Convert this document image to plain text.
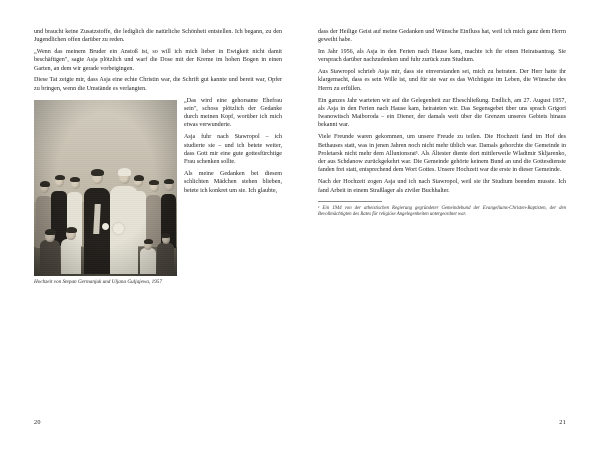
und braucht keine Zusatzstoffe, die lediglich die natürliche Schönheit entstellen. Ich begann, zu den Jugendlichen offen darüber zu reden.

„Wenn das meinem Bruder ein Anstoß ist, so will ich mich lieber in Ewigkeit nicht damit beschäftigen", sagte Asja plötzlich und warf die Dose mit der Kreme im hohen Bogen in einen Garten, an dem wir gerade vorbeigingen.

Diese Tat zeigte mir, dass Asja eine echte Christin war, die Schrift gut kannte und bereit war, Opfer zu bringen, wenn die Umstände es verlangten.

Hochzeit von Stepan Germanjuk und Uljana Guljajewa, 1957

„Das wird eine gehorsame Ehefrau sein", schoss plötzlich der Gedanke durch meinen Kopf, worüber ich mich etwas verwunderte.

Asja fuhr nach Stawropol – ich studierte sie – und ich betete weiter, dass Gott mir eine gute gottesfürchtige Frau schenken sollte.

Als meine Gedanken bei diesem schlichten Mädchen stehen blieben, betete ich konkret um sie. Ich glaubte,

20

dass der Heilige Geist auf meine Gedanken und Wünsche Einfluss hat, weil ich mich ganz dem Herrn geweiht habe.

Im Jahr 1956, als Asja in den Ferien nach Hause kam, machte ich ihr einen Heiratsantrag. Sie versprach darüber nachzudenken und fuhr zurück zum Studium.

Aus Stawropol schrieb Asja mir, dass sie einverstanden sei, mich zu heiraten. Der Herr hatte ihr klargemacht, dass es sein Wille ist, und für sie war es das Wichtigste im Leben, die Wünsche des Herrn zu erfüllen.

Ein ganzes Jahr warteten wir auf die Gelegenheit zur Eheschließung. Endlich, am 27. August 1957, als Asja in den Ferien nach Hause kam, heirateten wir. Das Segensgebet über uns sprach Grigori Iwanowitsch Maiboroda – ein Diener, der damals weit über die Grenzen unseres Gebiets hinaus bekannt war.

Viele Freunde waren gekommen, um unsere Freude zu teilen. Die Hochzeit fand im Hof des Bethauses statt, was in jenen Jahren noch nicht mehr üblich war. Damals gehorchte die Gemeinde in Proletarsk nicht mehr dem Allunionsrat¹. Als Ältester diente dort mittlerweile Wladimir Skljarenko, der aus Schdanow zurückgekehrt war. Die Gemeinde gehörte keinem Bund an und die Gottesdienste fanden frei statt, entsprechend dem Wort Gottes. Unsere Hochzeit war die erste in dieser Gemeinde.

Nach der Hochzeit zogen Asja und ich nach Stawropol, weil sie ihr Studium beenden musste. Ich fand Arbeit in einem Straßlager als ziviler Buchhalter.

¹ Ein 1944 von der atheistischen Regierung gegründeter Gemeindebund der Evangeliums-Christen-Baptisten, der den Bevollmächtigten des Rates für religiöse Angelegenheiten untergeordnet war.

21
